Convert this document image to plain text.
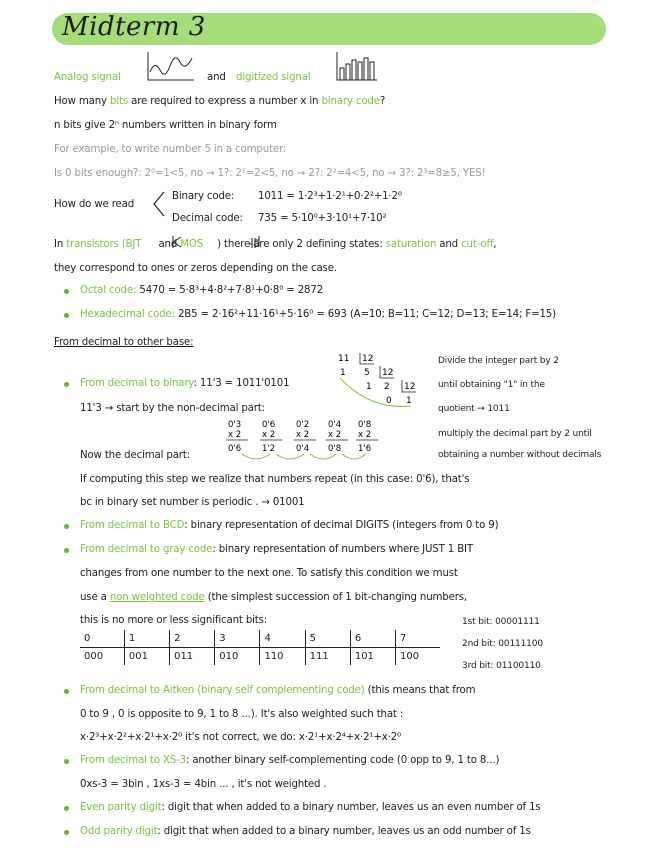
Midterm 3
Analog signal	and digitized signal
How many bits are required to express a number x in binary code?
n bits give 2ⁿ numbers written in binary form
For example, to write number 5 in a computer:
Is 0 bits enough?: 2⁰=1<5, no → 1?: 2¹=2<5, no → 2?: 2²=4<5, no → 3?: 2³=8≥5, YES!
How do we read
Binary code: 1011 = 1·2³+1·2¹+0·2²+1·2⁰
Decimal code: 735 = 5·10⁰+3·10¹+7·10²
In transistors (BJT and MOS ) there are only 2 defining states: saturation and cut-off,
they correspond to ones or zeros depending on the case.
Octal code: 5470 = 5·8³+4·8²+7·8¹+0·8⁰ = 2872
Hexadecimal code: 2B5 = 2·16²+11·16¹+5·16⁰ = 693 (A=10; B=11; C=12; D=13; E=14; F=15)
From decimal to other base:
11 12
1 5 12
1 2 12
0 1
Divide the integer part by 2
until obtaining "1" in the
quotient → 1011
From decimal to binary: 11'3 = 1011'0101
11'3 → start by the non-decimal part:
0'3
x 2
0'6
0'6
x 2
1'2
0'2
x 2
0'4
0'4
x 2
0'8
0'8
x 2
1'6
multiply the decimal part by 2 until
obtaining a number without decimals
Now the decimal part:
If computing this step we realize that numbers repeat (in this case: 0'6), that's
bc in binary set number is periodic . → 01001
From decimal to BCD: binary representation of decimal DIGITS (integers from 0 to 9)
From decimal to gray code: binary representation of numbers where JUST 1 BIT
changes from one number to the next one. To satisfy this condition we must
use a non weighted code (the simplest succession of 1 bit-changing numbers,
this is no more or less significant bits:
0	1	2	3	4	5	6	7
000	001	011	010	110	111	101	100
1st bit: 00001111
2nd bit: 00111100
3rd bit: 01100110
From decimal to Aitken (binary self complementing code) (this means that from
0 to 9 , 0 is opposite to 9, 1 to 8 ...). It's also weighted such that :
x·2³+x·2²+x·2¹+x·2⁰ it's not correct, we do: x·2¹+x·2⁴+x·2¹+x·2⁰
From decimal to XS-3: another binary self-complementing code (0 opp to 9, 1 to 8...)
0xs-3 = 3bin , 1xs-3 = 4bin ... , it's not weighted .
Even parity digit: digit that when added to a binary number, leaves us an even number of 1s
Odd parity digit: digit that when added to a binary number, leaves us an odd number of 1s
